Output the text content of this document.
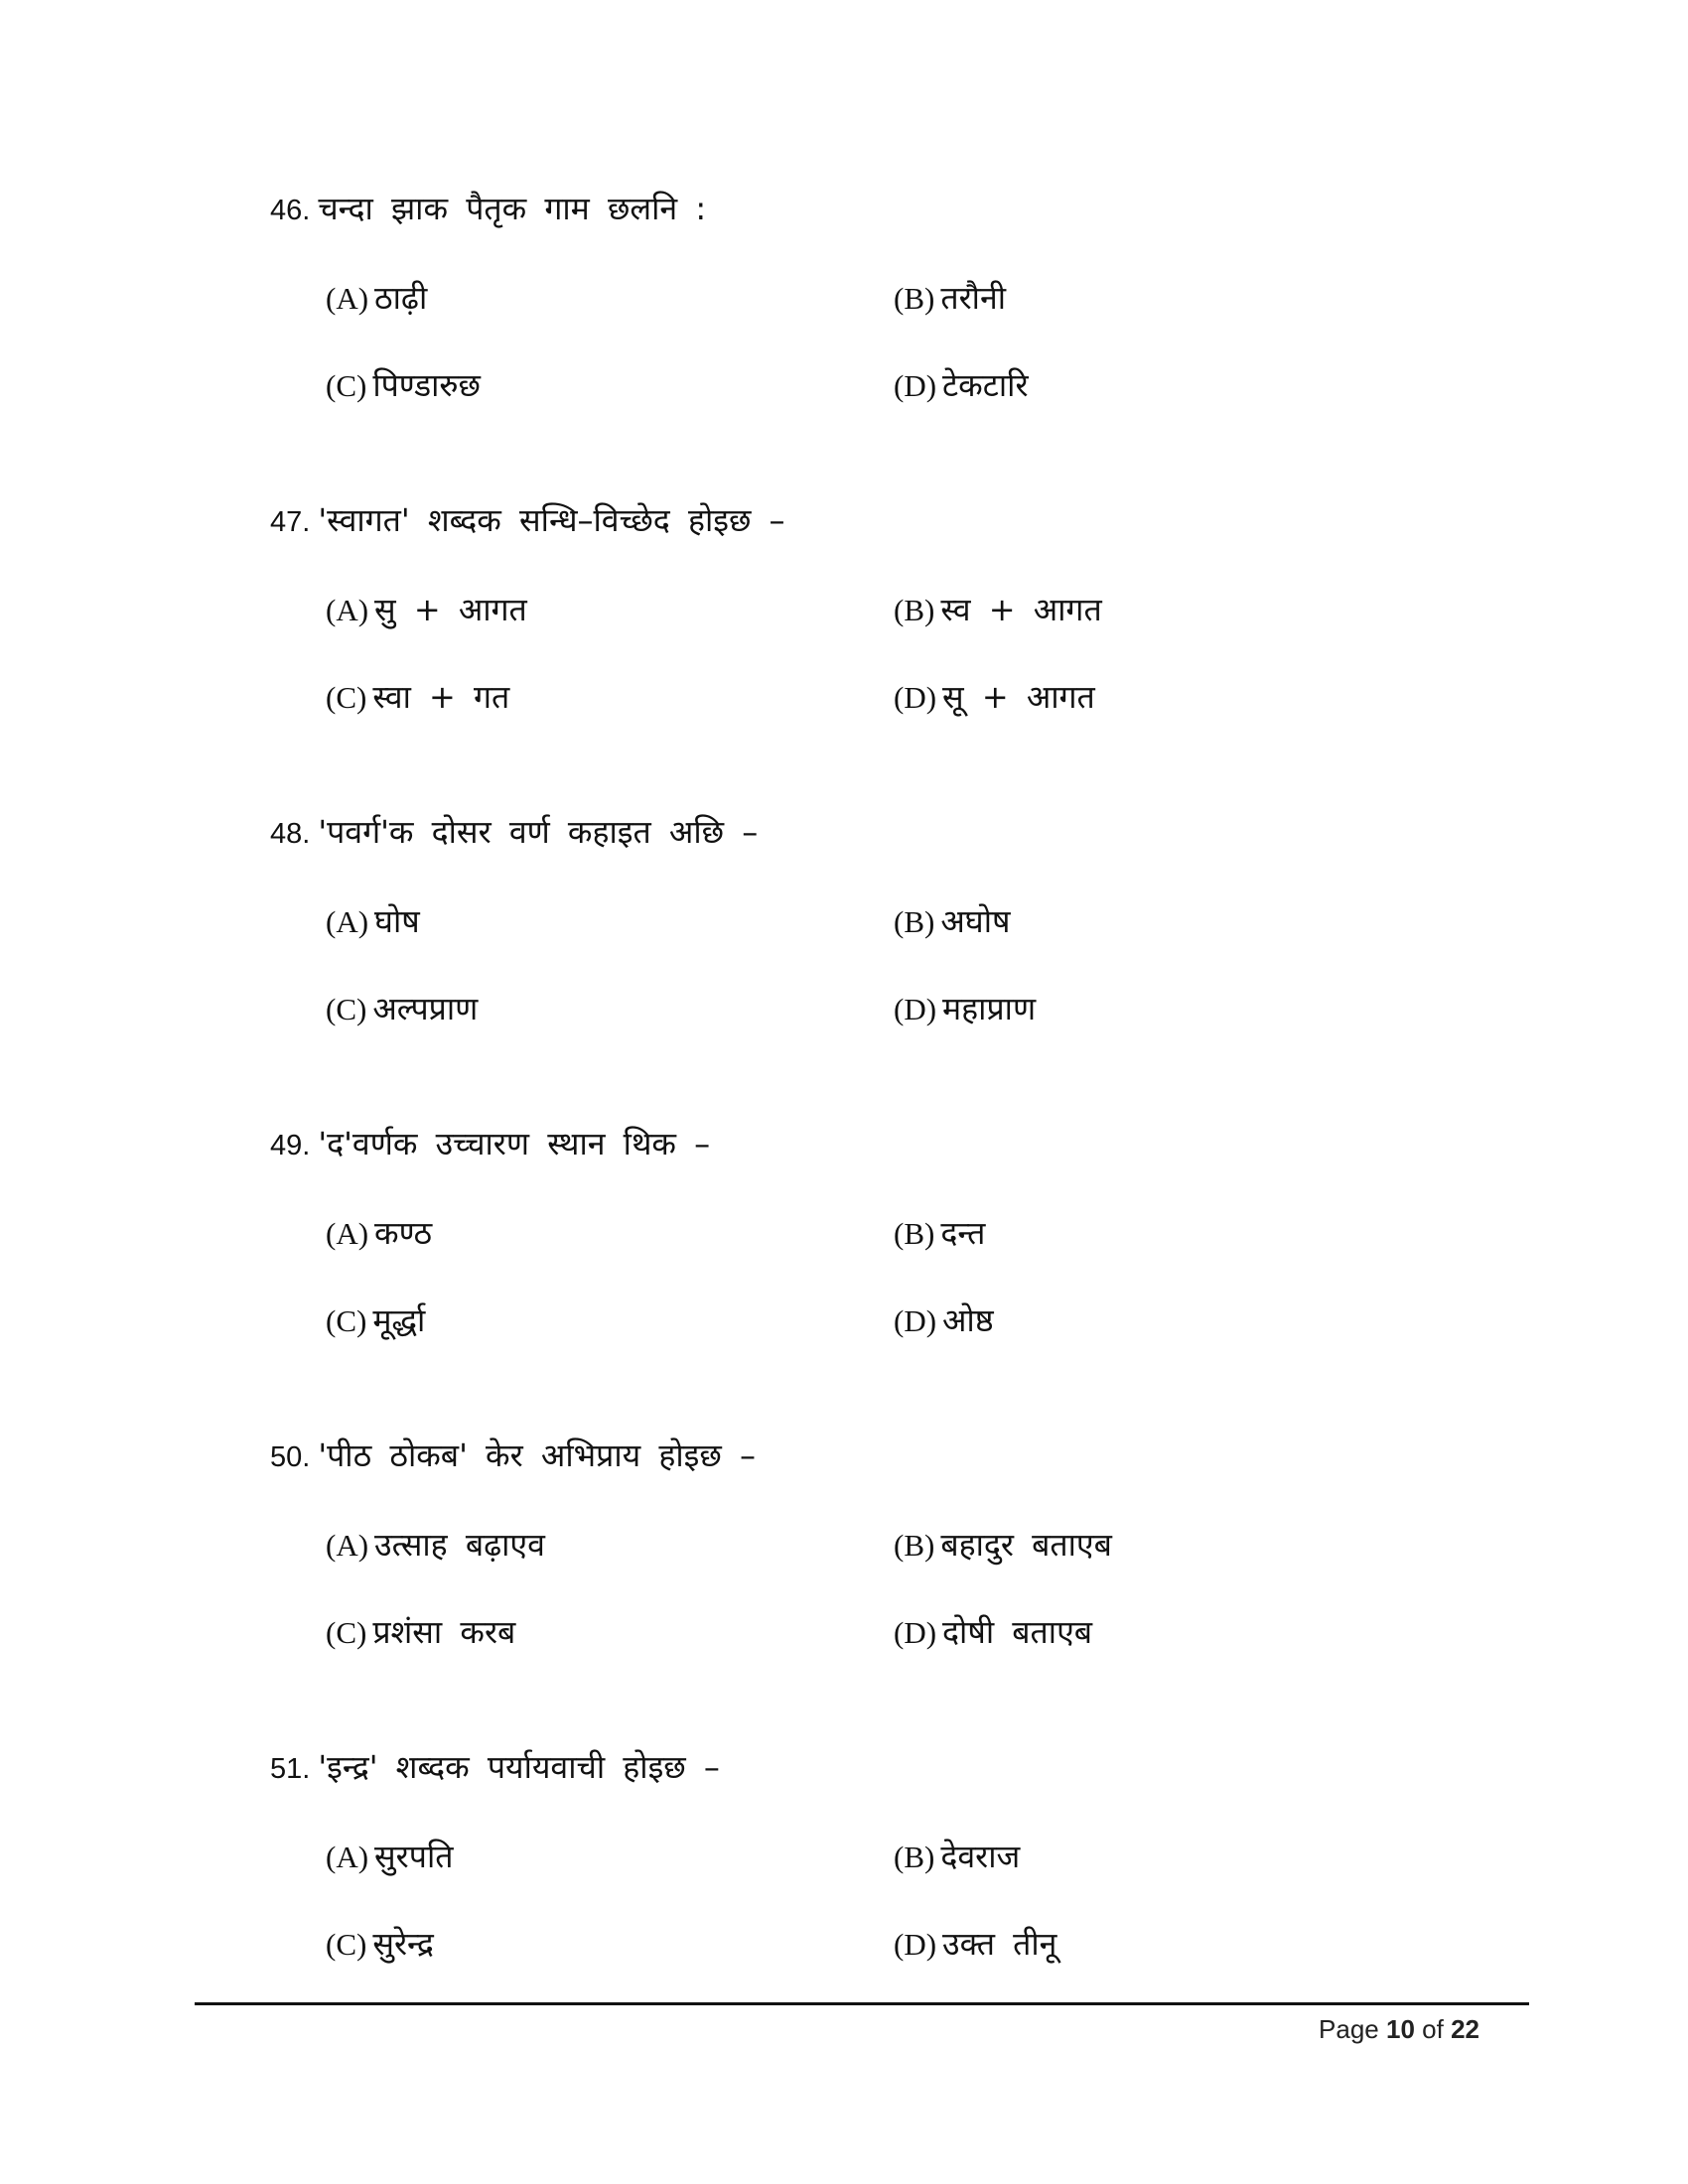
46. चन्दा झाक पैतृक गाम छलनि :
(A) ठाढ़ी	(B) तरौनी
(C) पिण्डारुछ	(D) टेकटारि
47. 'स्वागत' शब्दक सन्धि–विच्छेद होइछ –
(A) सु + आगत	(B) स्व + आगत
(C) स्वा + गत	(D) सू + आगत
48. 'पवर्ग'क दोसर वर्ण कहाइत अछि –
(A) घोष	(B) अघोष
(C) अल्पप्राण	(D) महाप्राण
49. 'द'वर्णक उच्चारण स्थान थिक –
(A) कण्ठ	(B) दन्त
(C) मूर्द्धा	(D) ओष्ठ
50. 'पीठ ठोकब' केर अभिप्राय होइछ –
(A) उत्साह बढ़ाएव	(B) बहादुर बताएब
(C) प्रशंसा करब	(D) दोषी बताएब
51. 'इन्द्र' शब्दक पर्यायवाची होइछ –
(A) सुरपति	(B) देवराज
(C) सुरेन्द्र	(D) उक्त तीनू
Page 10 of 22
